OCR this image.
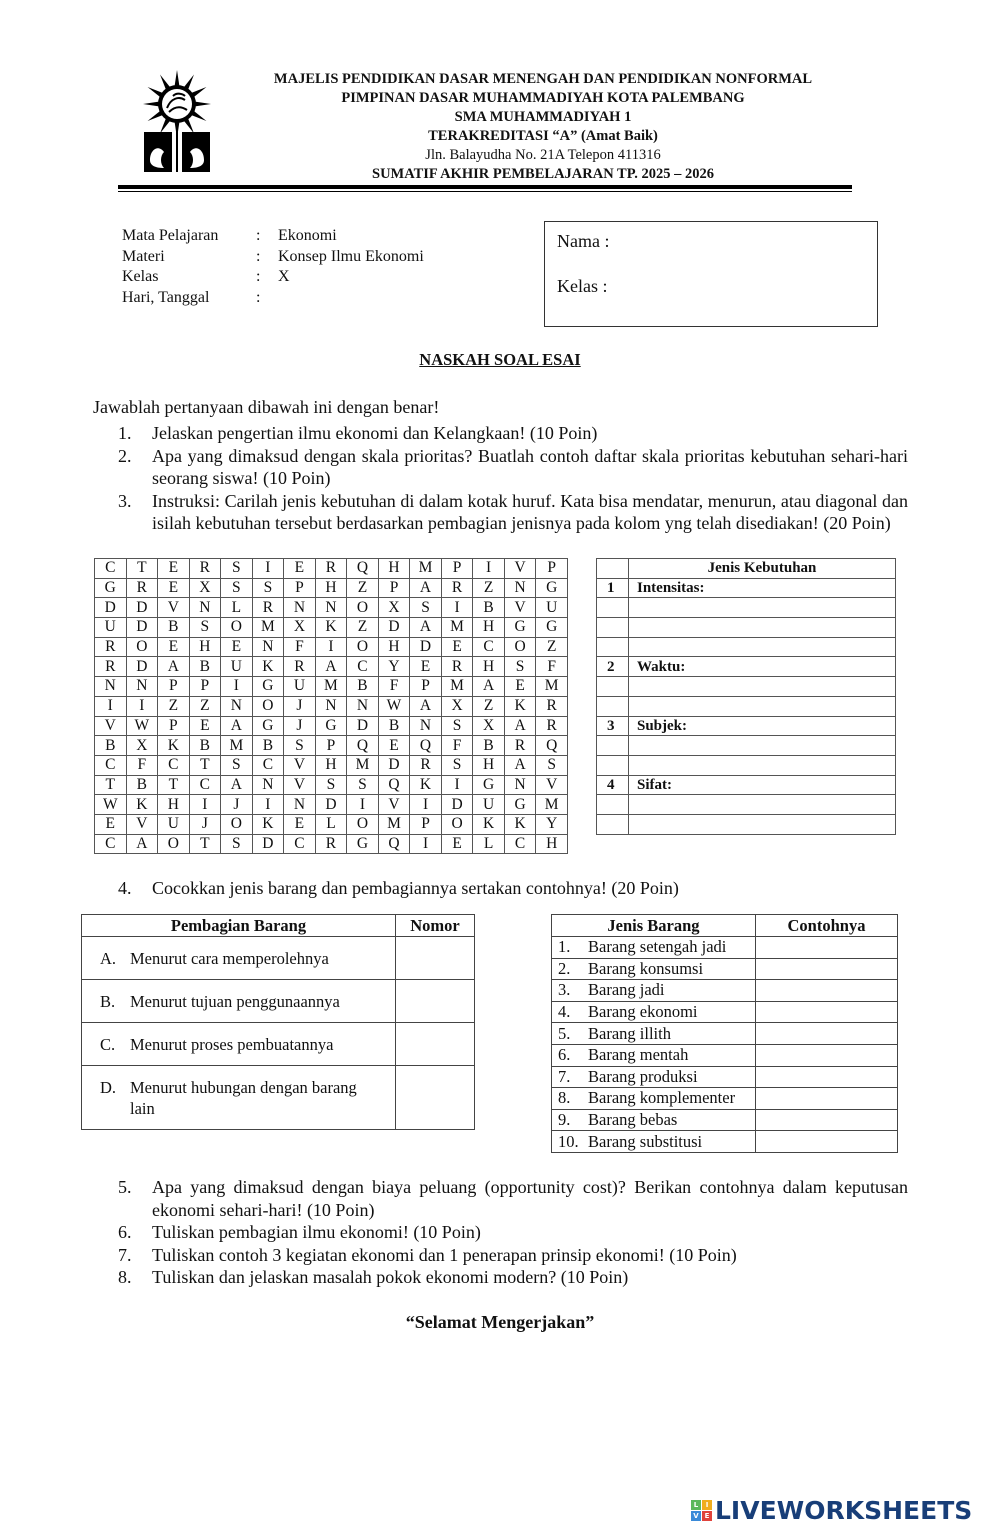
MAJELIS PENDIDIKAN DASAR MENENGAH DAN PENDIDIKAN NONFORMAL
PIMPINAN DASAR MUHAMMADIYAH KOTA PALEMBANG
SMA MUHAMMADIYAH 1
TERAKREDITASI “A” (Amat Baik)
Jln. Balayudha No. 21A Telepon 411316
SUMATIF AKHIR PEMBELAJARAN TP. 2025 – 2026
Mata Pelajaran	:	Ekonomi
Materi	:	Konsep Ilmu Ekonomi
Kelas	:	X
Hari, Tanggal	:
Nama :
Kelas :
NASKAH SOAL ESAI
Jawablah pertanyaan dibawah ini dengan benar!
1.	Jelaskan pengertian ilmu ekonomi dan Kelangkaan! (10 Poin)
2.	Apa yang dimaksud dengan skala prioritas? Buatlah contoh daftar skala prioritas kebutuhan sehari-hari seorang siswa! (10 Poin)
3.	Instruksi: Carilah jenis kebutuhan di dalam kotak huruf. Kata bisa mendatar, menurun, atau diagonal dan isilah kebutuhan tersebut berdasarkan pembagian jenisnya pada kolom yng telah disediakan! (20 Poin)
C	T	E	R	S	I	E	R	Q	H	M	P	I	V	P
G	R	E	X	S	S	P	H	Z	P	A	R	Z	N	G
D	D	V	N	L	R	N	N	O	X	S	I	B	V	U
U	D	B	S	O	M	X	K	Z	D	A	M	H	G	G
R	O	E	H	E	N	F	I	O	H	D	E	C	O	Z
R	D	A	B	U	K	R	A	C	Y	E	R	H	S	F
N	N	P	P	I	G	U	M	B	F	P	M	A	E	M
I	I	Z	Z	N	O	J	N	N	W	A	X	Z	K	R
V	W	P	E	A	G	J	G	D	B	N	S	X	A	R
B	X	K	B	M	B	S	P	Q	E	Q	F	B	R	Q
C	F	C	T	S	C	V	H	M	D	R	S	H	A	S
T	B	T	C	A	N	V	S	S	Q	K	I	G	N	V
W	K	H	I	J	I	N	D	I	V	I	D	U	G	M
E	V	U	J	O	K	E	L	O	M	P	O	K	K	Y
C	A	O	T	S	D	C	R	G	Q	I	E	L	C	H
	Jenis Kebutuhan
1	Intensitas:

2	Waktu:

3	Subjek:

4	Sifat:

4.	Cocokkan jenis barang dan pembagiannya sertakan contohnya! (20 Poin)
Pembagian Barang	Nomor

A. Menurut cara memperolehnya	

B. Menurut tujuan penggunaannya	

C. Menurut proses pembuatannya	

D. Menurut hubungan dengan barang lain	

Jenis Barang	Contohnya

1. Barang setengah jadi	

2. Barang konsumsi	

3. Barang jadi	

4. Barang ekonomi	

5. Barang illith	

6. Barang mentah	

7. Barang produksi	

8. Barang komplementer	

9. Barang bebas	

10. Barang substitusi	

5.	Apa yang dimaksud dengan biaya peluang (opportunity cost)? Berikan contohnya dalam keputusan ekonomi sehari-hari! (10 Poin)
6.	Tuliskan pembagian ilmu ekonomi! (10 Poin)
7.	Tuliskan contoh 3 kegiatan ekonomi dan 1 penerapan prinsip ekonomi! (10 Poin)
8.	Tuliskan dan jelaskan masalah pokok ekonomi modern? (10 Poin)
“Selamat Mengerjakan”
L	I
V E LIVEWORKSHEETS
